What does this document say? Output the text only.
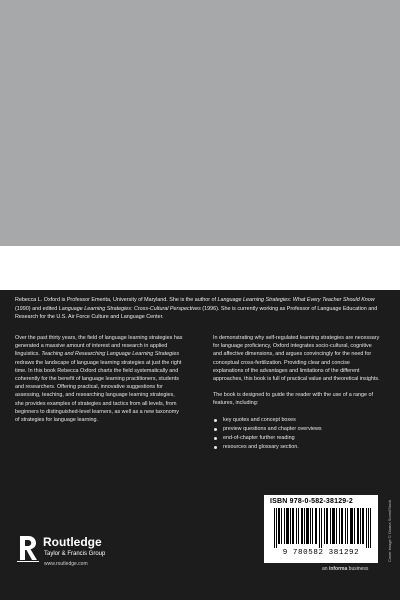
Rebecca L. Oxford is Professor Emerita, University of Maryland. She is the author of Language Learning Strategies: What Every Teacher Should Know (1990) and edited Language Learning Strategies: Cross-Cultural Perspectives (1996). She is currently working as Professor of Language Education and Research for the U.S. Air Force Culture and Language Center.

Over the past thirty years, the field of language learning strategies has generated a massive amount of interest and research in applied linguistics. Teaching and Researching Language Learning Strategies redraws the landscape of language learning strategies at just the right time. In this book Rebecca Oxford charts the field systematically and coherently for the benefit of language learning practitioners, students and researchers. Offering practical, innovative suggestions for assessing, teaching, and researching language learning strategies, she provides examples of strategies and tactics from all levels, from beginners to distinguished-level learners, as well as a new taxonomy of strategies for language learning.

In demonstrating why self-regulated learning strategies are necessary for language proficiency, Oxford integrates socio-cultural, cognitive and affective dimensions, and argues convincingly for the need for conceptual cross-fertilization. Providing clear and concise explanations of the advantages and limitations of the different approaches, this book is full of practical value and theoretical insights.

The book is designed to guide the reader with the use of a range of features, including:

key quotes and concept boxes
preview questions and chapter overviews
end-of-chapter further reading
resources and glossary section.
ISBN 978-0-582-38129-2
9 780582 381292	Cover image © Oxana Soon/iStock
Routledge
Taylor & Francis Group
www.routledge.com
an informa business
